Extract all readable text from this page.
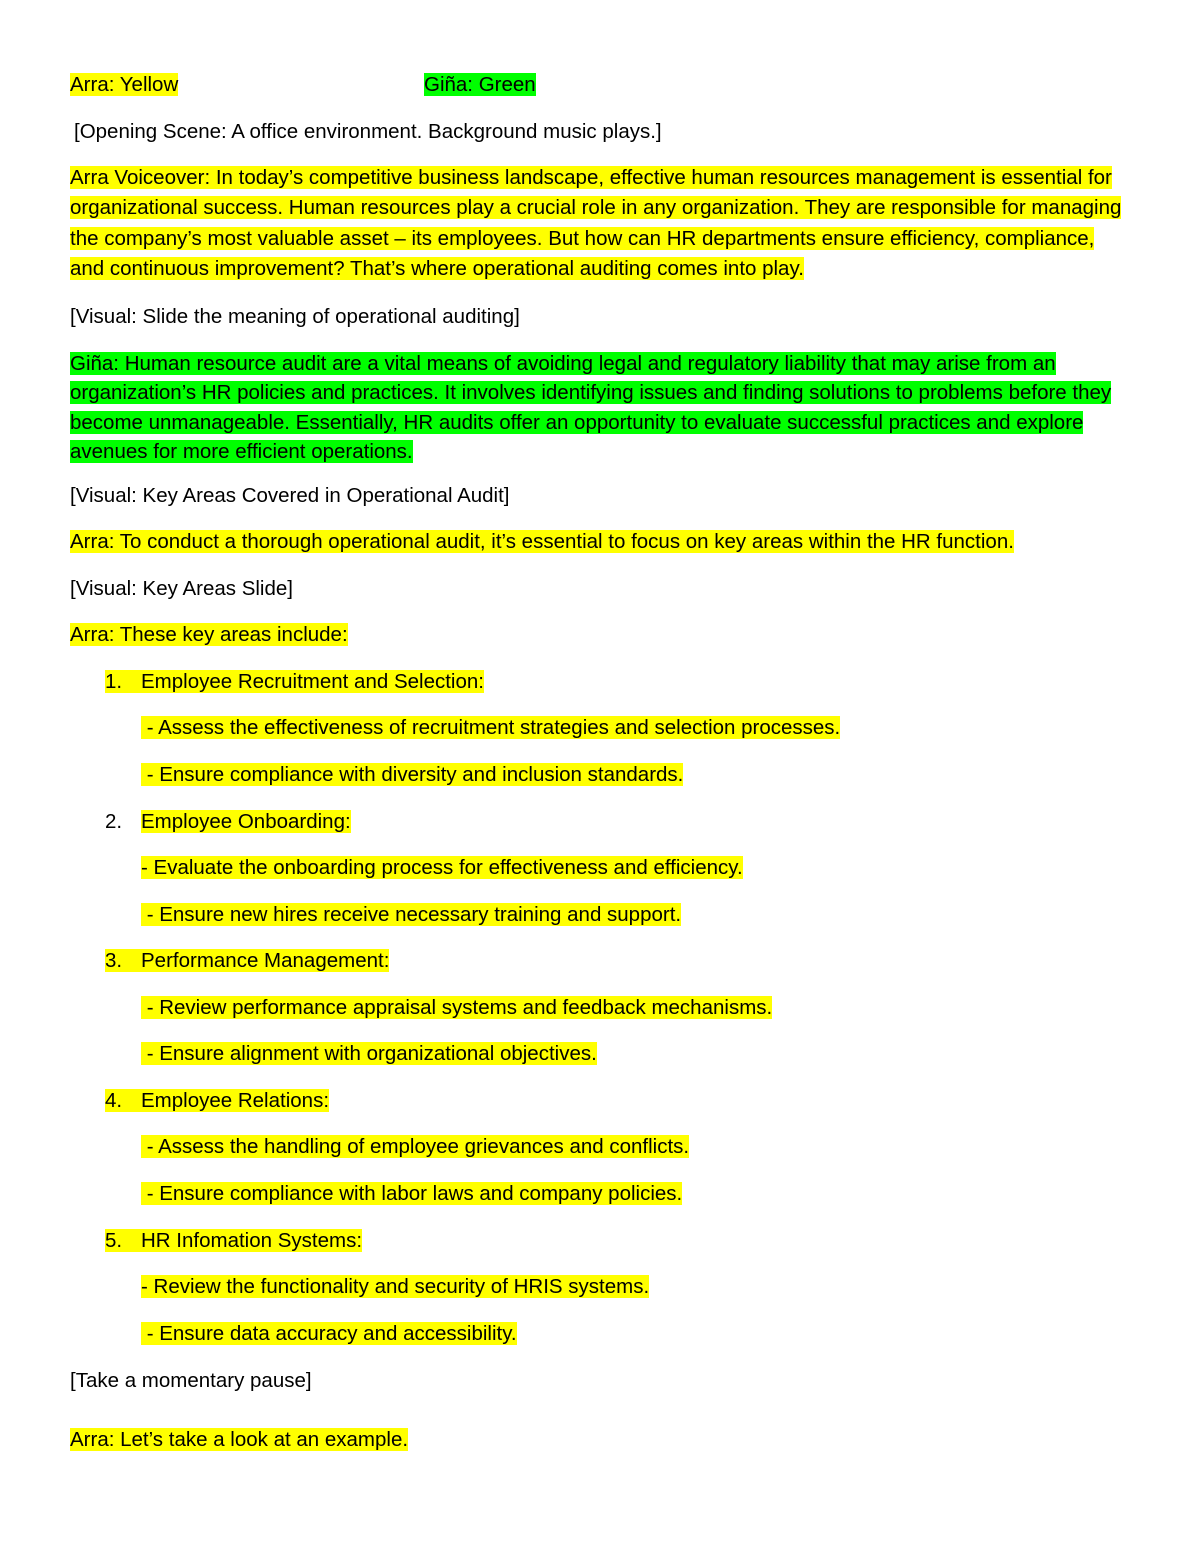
Arra: Yellow	Giña: Green
[Opening Scene: A office environment. Background music plays.]
Arra Voiceover: In today’s competitive business landscape, effective human resources management is essential for organizational success. Human resources play a crucial role in any organization. They are responsible for managing the company’s most valuable asset – its employees. But how can HR departments ensure efficiency, compliance, and continuous improvement? That’s where operational auditing comes into play.
[Visual: Slide the meaning of operational auditing]
Giña: Human resource audit are a vital means of avoiding legal and regulatory liability that may arise from an organization’s HR policies and practices. It involves identifying issues and finding solutions to problems before they become unmanageable. Essentially, HR audits offer an opportunity to evaluate successful practices and explore avenues for more efficient operations.
[Visual: Key Areas Covered in Operational Audit]
Arra: To conduct a thorough operational audit, it’s essential to focus on key areas within the HR function.
[Visual: Key Areas Slide]
Arra: These key areas include:
1. Employee Recruitment and Selection:
- Assess the effectiveness of recruitment strategies and selection processes.
- Ensure compliance with diversity and inclusion standards.
2. Employee Onboarding:
- Evaluate the onboarding process for effectiveness and efficiency.
- Ensure new hires receive necessary training and support.
3. Performance Management:
- Review performance appraisal systems and feedback mechanisms.
- Ensure alignment with organizational objectives.
4. Employee Relations:
- Assess the handling of employee grievances and conflicts.
- Ensure compliance with labor laws and company policies.
5. HR Infomation Systems:
- Review the functionality and security of HRIS systems.
- Ensure data accuracy and accessibility.
[Take a momentary pause]
Arra: Let’s take a look at an example.
